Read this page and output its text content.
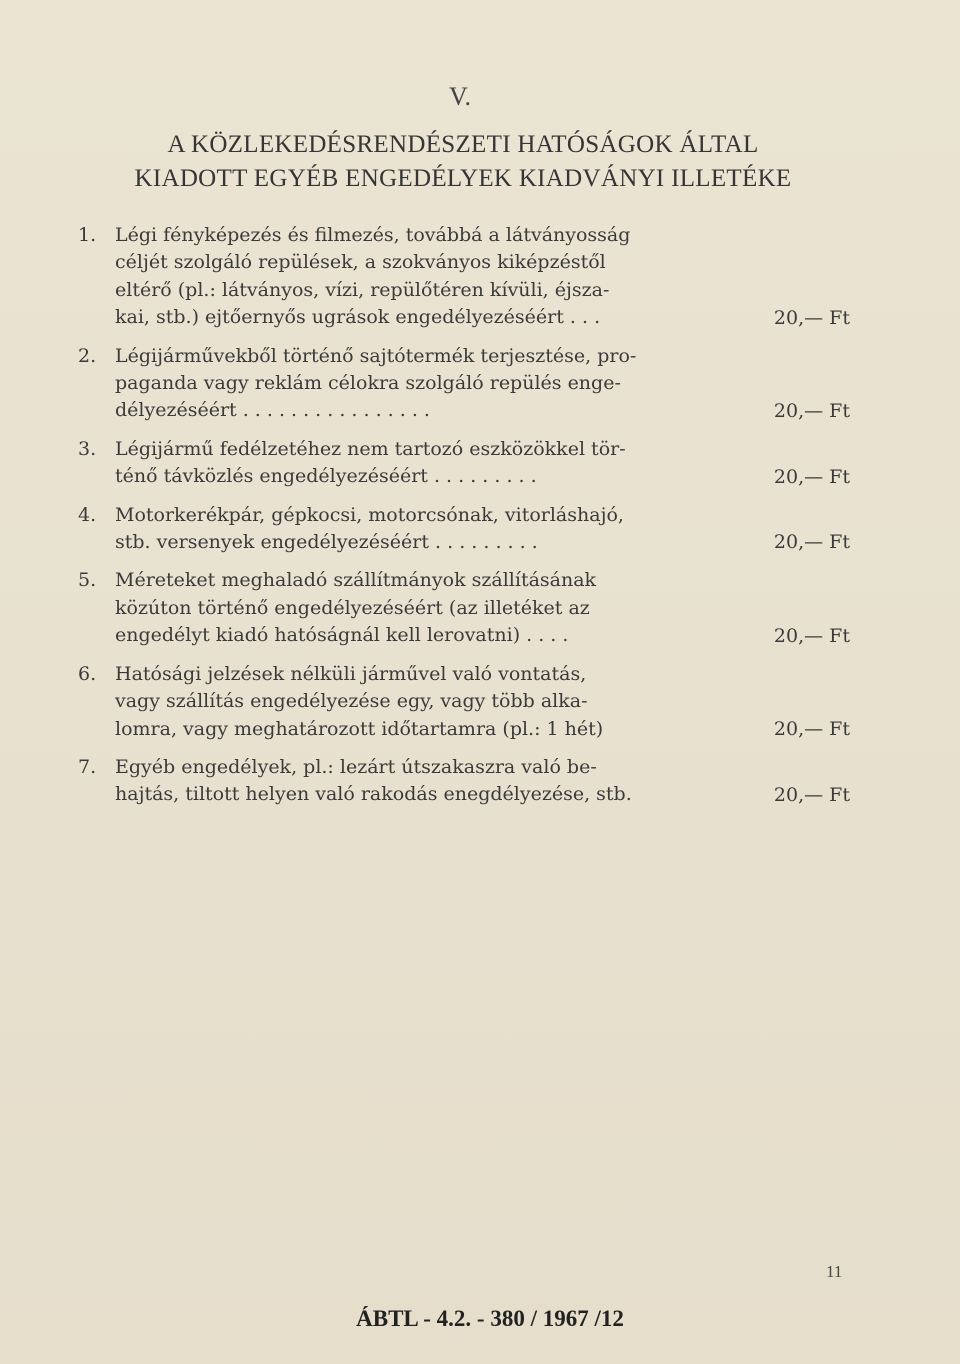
V.
A KÖZLEKEDÉSRENDÉSZETI HATÓSÁGOK ÁLTAL
KIADOTT EGYÉB ENGEDÉLYEK KIADVÁNYI ILLETÉKE
1. Légi fényképezés és filmezés, továbbá a látványosság
céljét szolgáló repülések, a szokványos kiképzéstől
eltérő (pl.: látványos, vízi, repülőtéren kívüli, éjsza-
kai, stb.) ejtőernyős ugrások engedélyezéséért . . .	20,— Ft
2. Légijárművekből történő sajtótermék terjesztése, pro-
paganda vagy reklám célokra szolgáló repülés enge-
délyezéséért . . . . . . . . . . . . . . . .	20,— Ft
3. Légijármű fedélzetéhez nem tartozó eszközökkel tör-
ténő távközlés engedélyezéséért . . . . . . . . .	20,— Ft
4. Motorkerékpár, gépkocsi, motorcsónak, vitorláshajó,
stb. versenyek engedélyezéséért . . . . . . . . .	20,— Ft
5. Méreteket meghaladó szállítmányok szállításának
közúton történő engedélyezéséért (az illetéket az
engedélyt kiadó hatóságnál kell lerovatni) . . . .	20,— Ft
6. Hatósági jelzések nélküli járművel való vontatás,
vagy szállítás engedélyezése egy, vagy több alka-
lomra, vagy meghatározott időtartamra (pl.: 1 hét)	20,— Ft
7. Egyéb engedélyek, pl.: lezárt útszakaszra való be-
hajtás, tiltott helyen való rakodás enegdélyezése, stb.	20,— Ft
11
ÁBTL - 4.2. - 380 / 1967 /12
